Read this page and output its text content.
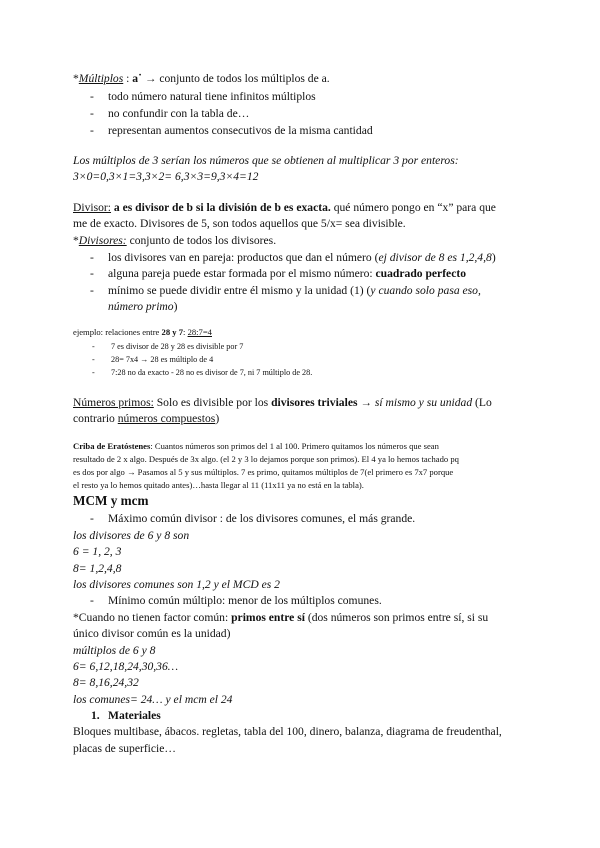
*Múltiplos : a˙ → conjunto de todos los múltiplos de a.
- todo número natural tiene infinitos múltiplos
- no confundir con la tabla de…
- representan aumentos consecutivos de la misma cantidad
Los múltiplos de 3 serían los números que se obtienen al multiplicar 3 por enteros:
3×0=0,3×1=3,3×2= 6,3×3=9,3×4=12
Divisor: a es divisor de b si la división de b es exacta. qué número pongo en “x” para que
me de exacto. Divisores de 5, son todos aquellos que 5/x= sea divisible.
*Divisores: conjunto de todos los divisores.
- los divisores van en pareja: productos que dan el número (ej divisor de 8 es 1,2,4,8)
- alguna pareja puede estar formada por el mismo número: cuadrado perfecto
- mínimo se puede dividir entre él mismo y la unidad (1) (y cuando solo pasa eso,
número primo)
ejemplo: relaciones entre 28 y 7: 28:7=4
- 7 es divisor de 28 y 28 es divisible por 7
- 28= 7x4 → 28 es múltiplo de 4
- 7:28 no da exacto - 28 no es divisor de 7, ni 7 múltiplo de 28.
Números primos: Solo es divisible por los divisores triviales → sí mismo y su unidad (Lo
contrario números compuestos)
Criba de Eratóstenes: Cuantos números son primos del 1 al 100. Primero quitamos los números que sean
resultado de 2 x algo. Después de 3x algo. (el 2 y 3 lo dejamos porque son primos). El 4 ya lo hemos tachado pq
es dos por algo → Pasamos al 5 y sus múltiplos. 7 es primo, quitamos múltiplos de 7(el primero es 7x7 porque
el resto ya lo hemos quitado antes)…hasta llegar al 11 (11x11 ya no está en la tabla).
MCM y mcm
- Máximo común divisor : de los divisores comunes, el más grande.
los divisores de 6 y 8 son
6 = 1, 2, 3
8= 1,2,4,8
los divisores comunes son 1,2 y el MCD es 2
- Mínimo común múltiplo: menor de los múltiplos comunes.
*Cuando no tienen factor común: primos entre sí (dos números son primos entre sí, si su
único divisor común es la unidad)
múltiplos de 6 y 8
6= 6,12,18,24,30,36…
8= 8,16,24,32
los comunes= 24… y el mcm el 24
1. Materiales
Bloques multibase, ábacos. regletas, tabla del 100, dinero, balanza, diagrama de freudenthal,
placas de superficie…
